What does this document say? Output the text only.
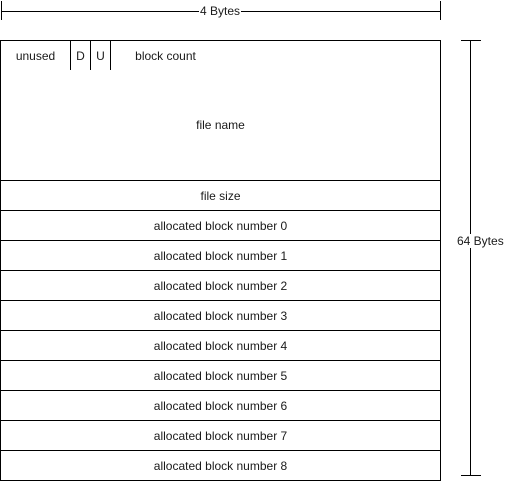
4 Bytes
64 Bytes
unused	D U	block count
file name
file size
allocated block number 0
allocated block number 1
allocated block number 2
allocated block number 3
allocated block number 4
allocated block number 5
allocated block number 6
allocated block number 7
allocated block number 8
